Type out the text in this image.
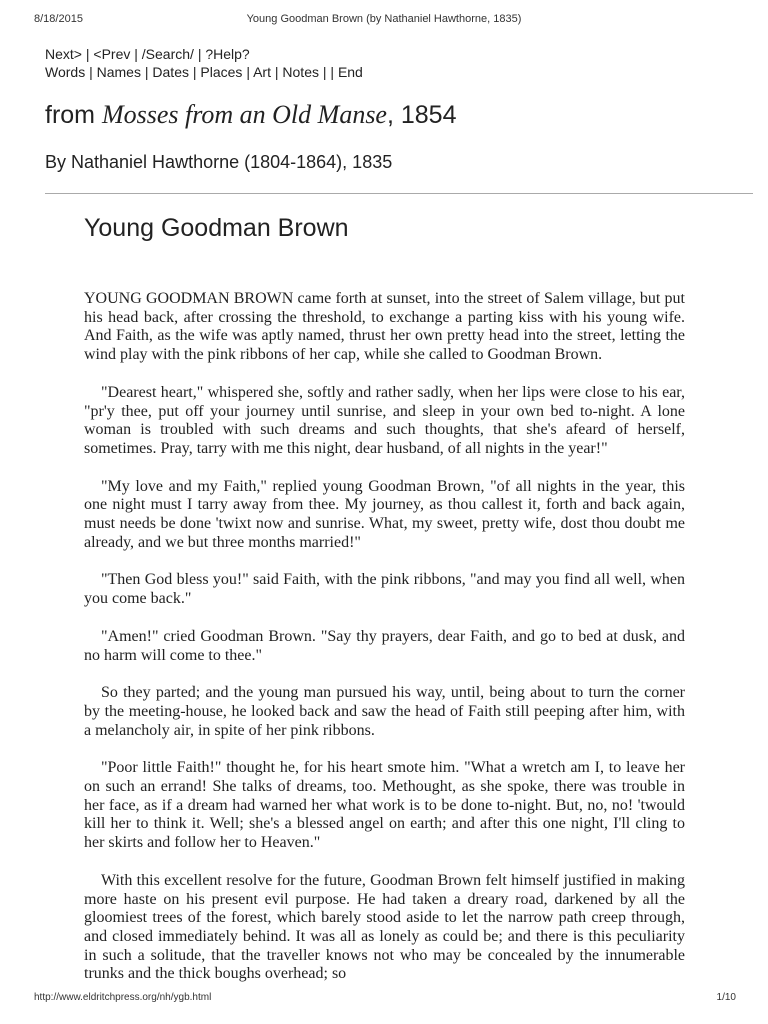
8/18/2015	Young Goodman Brown (by Nathaniel Hawthorne, 1835)
Next> | <Prev | /Search/ | ?Help?
Words | Names | Dates | Places | Art | Notes | | End
from Mosses from an Old Manse, 1854
By Nathaniel Hawthorne (1804-1864), 1835
Young Goodman Brown

YOUNG GOODMAN BROWN came forth at sunset, into the street of Salem village, but put his head back, after crossing the threshold, to exchange a parting kiss with his young wife. And Faith, as the wife was aptly named, thrust her own pretty head into the street, letting the wind play with the pink ribbons of her cap, while she called to Goodman Brown.

"Dearest heart," whispered she, softly and rather sadly, when her lips were close to his ear, "pr'y thee, put off your journey until sunrise, and sleep in your own bed to-night. A lone woman is troubled with such dreams and such thoughts, that she's afeard of herself, sometimes. Pray, tarry with me this night, dear husband, of all nights in the year!"

"My love and my Faith," replied young Goodman Brown, "of all nights in the year, this one night must I tarry away from thee. My journey, as thou callest it, forth and back again, must needs be done 'twixt now and sunrise. What, my sweet, pretty wife, dost thou doubt me already, and we but three months married!"

"Then God bless you!" said Faith, with the pink ribbons, "and may you find all well, when you come back."

"Amen!" cried Goodman Brown. "Say thy prayers, dear Faith, and go to bed at dusk, and no harm will come to thee."

So they parted; and the young man pursued his way, until, being about to turn the corner by the meeting-house, he looked back and saw the head of Faith still peeping after him, with a melancholy air, in spite of her pink ribbons.

"Poor little Faith!" thought he, for his heart smote him. "What a wretch am I, to leave her on such an errand! She talks of dreams, too. Methought, as she spoke, there was trouble in her face, as if a dream had warned her what work is to be done to-night. But, no, no! 'twould kill her to think it. Well; she's a blessed angel on earth; and after this one night, I'll cling to her skirts and follow her to Heaven."

With this excellent resolve for the future, Goodman Brown felt himself justified in making more haste on his present evil purpose. He had taken a dreary road, darkened by all the gloomiest trees of the forest, which barely stood aside to let the narrow path creep through, and closed immediately behind. It was all as lonely as could be; and there is this peculiarity in such a solitude, that the traveller knows not who may be concealed by the innumerable trunks and the thick boughs overhead; so

http://www.eldritchpress.org/nh/ygb.html	1/10
